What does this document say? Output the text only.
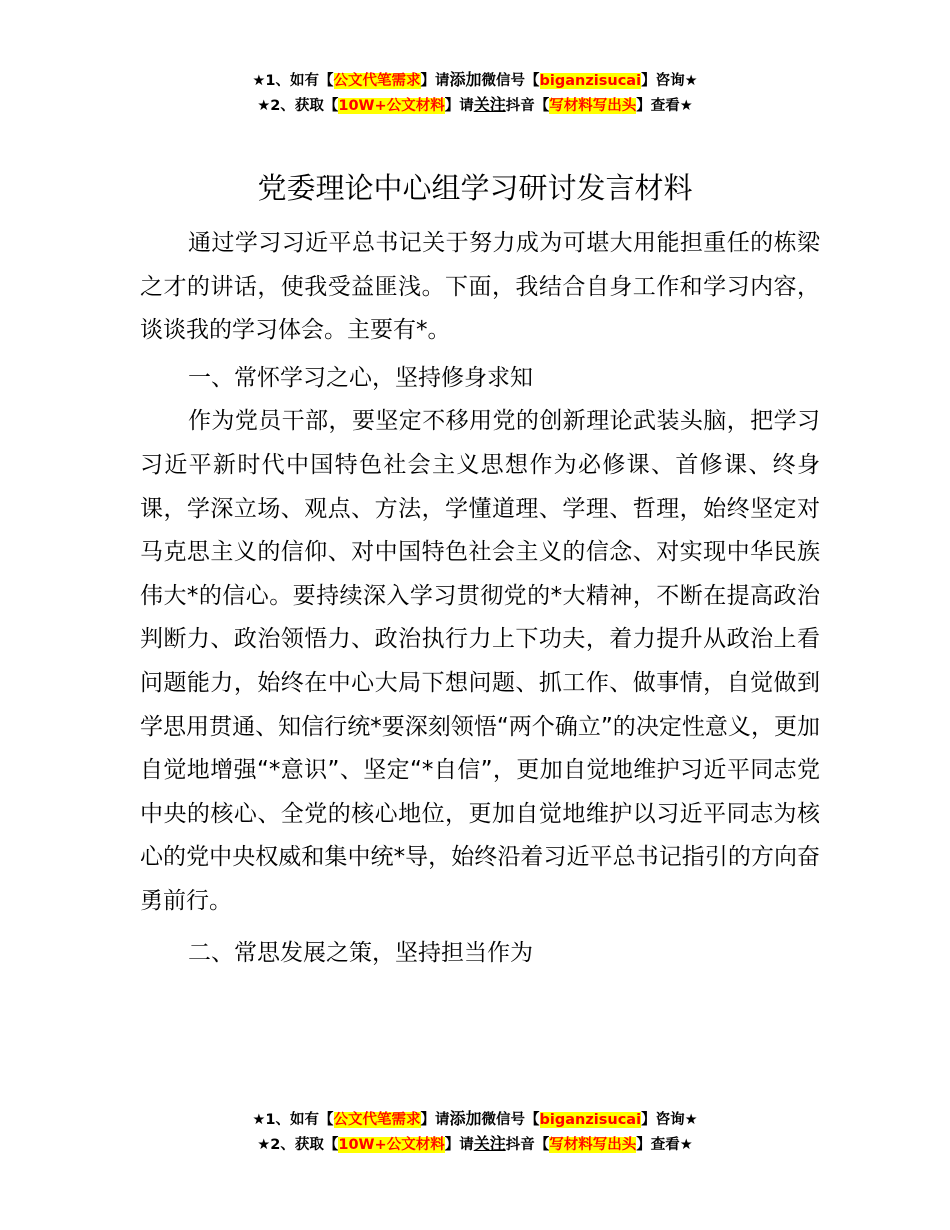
★1、如有【公文代笔需求】请添加微信号【biganzisucai】咨询★
★2、获取【10W+公文材料】请关注抖音【写材料写出头】查看★
党委理论中心组学习研讨发言材料

通过学习习近平总书记关于努力成为可堪大用能担重任的栋梁之才的讲话，使我受益匪浅。下面，我结合自身工作和学习内容，谈谈我的学习体会。主要有*。

一、常怀学习之心，坚持修身求知

作为党员干部，要坚定不移用党的创新理论武装头脑，把学习习近平新时代中国特色社会主义思想作为必修课、首修课、终身课，学深立场、观点、方法，学懂道理、学理、哲理，始终坚定对马克思主义的信仰、对中国特色社会主义的信念、对实现中华民族伟大*的信心。要持续深入学习贯彻党的*大精神，不断在提高政治判断力、政治领悟力、政治执行力上下功夫，着力提升从政治上看问题能力，始终在中心大局下想问题、抓工作、做事情，自觉做到学思用贯通、知信行统*要深刻领悟“两个确立”的决定性意义，更加自觉地增强“*意识”、坚定“*自信”，更加自觉地维护习近平同志党中央的核心、全党的核心地位，更加自觉地维护以习近平同志为核心的党中央权威和集中统*导，始终沿着习近平总书记指引的方向奋勇前行。

二、常思发展之策，坚持担当作为

★1、如有【公文代笔需求】请添加微信号【biganzisucai】咨询★
★2、获取【10W+公文材料】请关注抖音【写材料写出头】查看★
